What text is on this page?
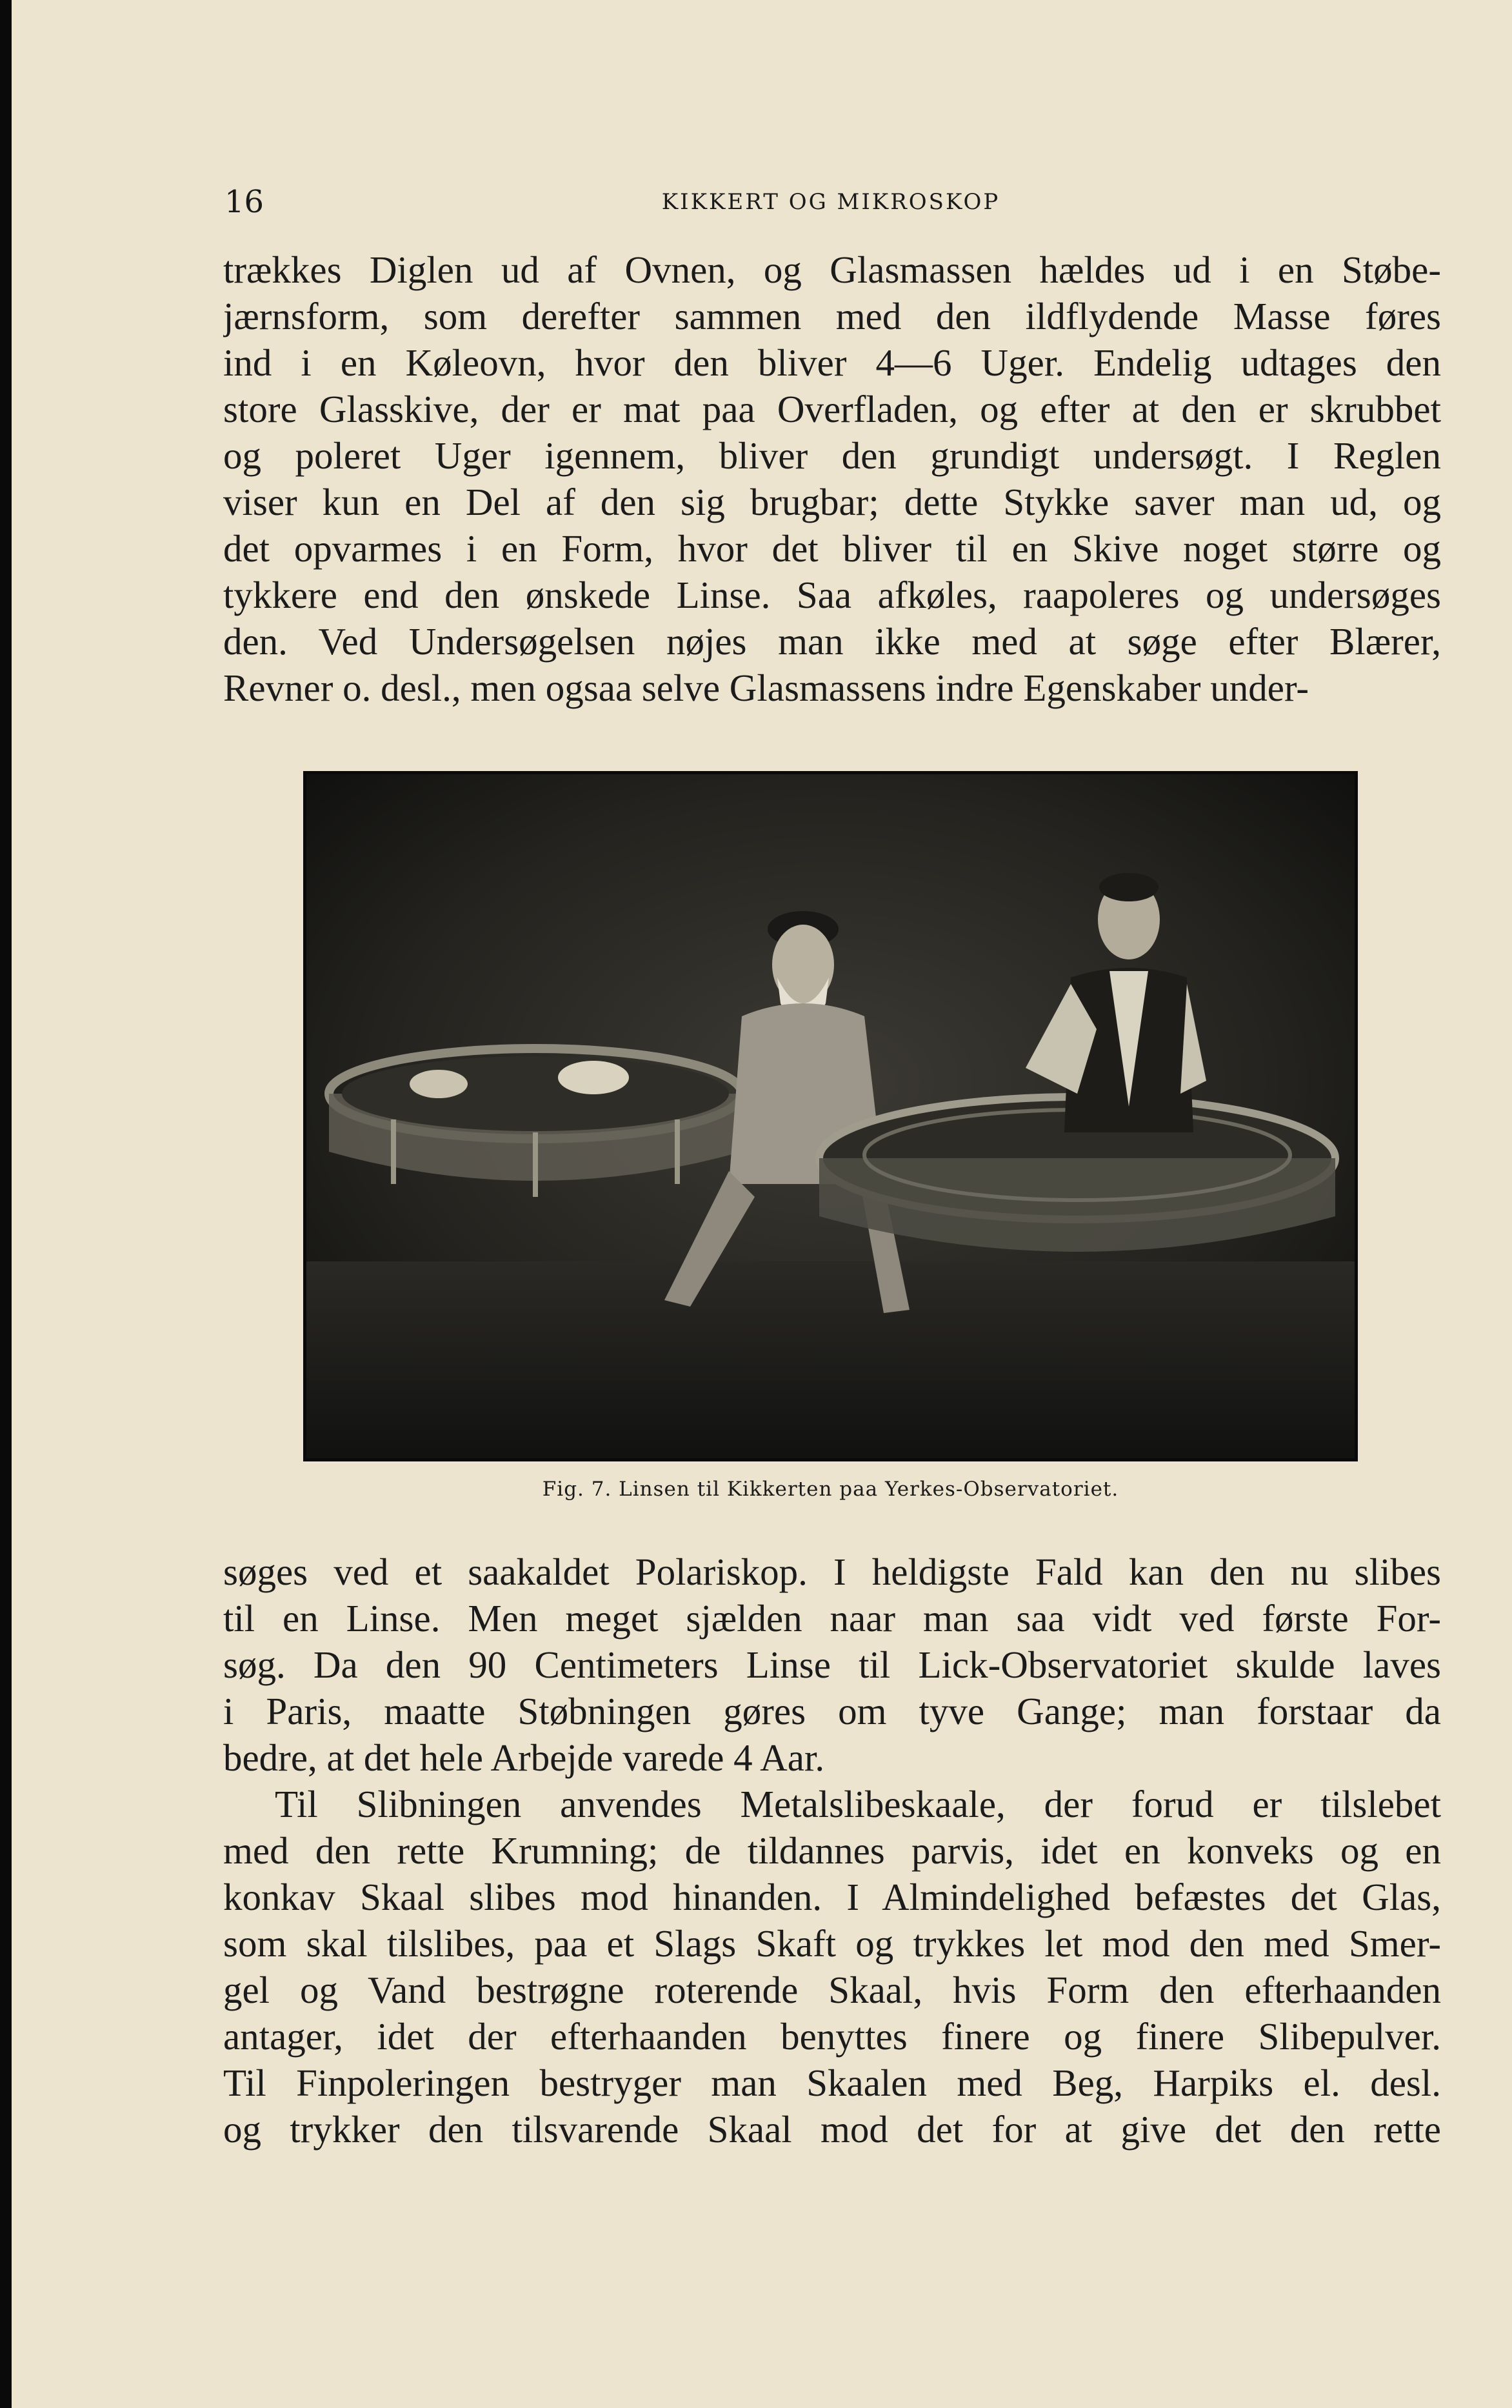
16	KIKKERT OG MIKROSKOP
trækkes Diglen ud af Ovnen, og Glasmassen hældes ud i en Støbe-
jærnsform, som derefter sammen med den ildflydende Masse føres
ind i en Køleovn, hvor den bliver 4—6 Uger. Endelig udtages den
store Glasskive, der er mat paa Overfladen, og efter at den er skrubbet
og poleret Uger igennem, bliver den grundigt undersøgt. I Reglen
viser kun en Del af den sig brugbar; dette Stykke saver man ud, og
det opvarmes i en Form, hvor det bliver til en Skive noget større og
tykkere end den ønskede Linse. Saa afkøles, raapoleres og undersøges
den. Ved Undersøgelsen nøjes man ikke med at søge efter Blærer,
Revner o. desl., men ogsaa selve Glasmassens indre Egenskaber under-
Fig. 7. Linsen til Kikkerten paa Yerkes-Observatoriet.
søges ved et saakaldet Polariskop. I heldigste Fald kan den nu slibes
til en Linse. Men meget sjælden naar man saa vidt ved første For-
søg. Da den 90 Centimeters Linse til Lick-Observatoriet skulde laves
i Paris, maatte Støbningen gøres om tyve Gange; man forstaar da
bedre, at det hele Arbejde varede 4 Aar.
Til Slibningen anvendes Metalslibeskaale, der forud er tilslebet
med den rette Krumning; de tildannes parvis, idet en konveks og en
konkav Skaal slibes mod hinanden. I Almindelighed befæstes det Glas,
som skal tilslibes, paa et Slags Skaft og trykkes let mod den med Smer-
gel og Vand bestrøgne roterende Skaal, hvis Form den efterhaanden
antager, idet der efterhaanden benyttes finere og finere Slibepulver.
Til Finpoleringen bestryger man Skaalen med Beg, Harpiks el. desl.
og trykker den tilsvarende Skaal mod det for at give det den rette
